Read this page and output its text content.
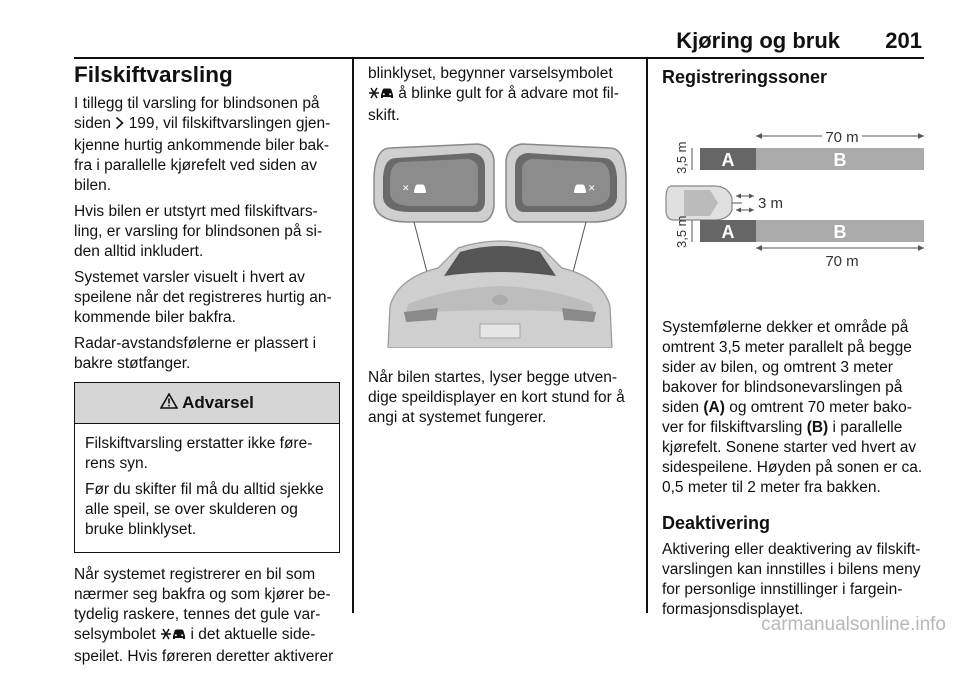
Kjøring og bruk 201
Filskiftvarsling

I tillegg til varsling for blindsonen på siden  199, vil filskiftvarslingen gjenkjenne hurtig ankommende biler bakfra i parallelle kjørefelt ved siden av bilen.

Hvis bilen er utstyrt med filskiftvarsling, er varsling for blindsonen på siden alltid inkludert.

Systemet varsler visuelt i hvert av speilene når det registreres hurtig ankommende biler bakfra.

Radar-avstandsfølerne er plassert i bakre støtfanger.

Advarsel

Filskiftvarsling erstatter ikke førerens syn.

Før du skifter fil må du alltid sjekke alle speil, se over skulderen og bruke blinklyset.

Når systemet registrerer en bil som nærmer seg bakfra og som kjører betydelig raskere, tennes det gule varselsymbolet  i det aktuelle sidespeilet. Hvis føreren deretter aktiverer

blinklyset, begynner varselsymbolet  å blinke gult for å advare mot filskift.

✕	✕

Når bilen startes, lyser begge utvendige speildisplayer en kort stund for å angi at systemet fungerer.

Registreringssoner
70 m
A	B
3,5 m
3 m
A	B
3,5 m
70 m

Systemfølerne dekker et område på omtrent 3,5 meter parallelt på begge sider av bilen, og omtrent 3 meter bakover for blindsonevarslingen på siden (A) og omtrent 70 meter bakover for filskiftvarsling (B) i parallelle kjørefelt. Sonene starter ved hvert av sidespeilene. Høyden på sonen er ca. 0,5 meter til 2 meter fra bakken.

Deaktivering

Aktivering eller deaktivering av filskiftvarslingen kan innstilles i bilens meny for personlige innstillinger i fargeinformasjonsdisplayet.

carmanualsonline.info
